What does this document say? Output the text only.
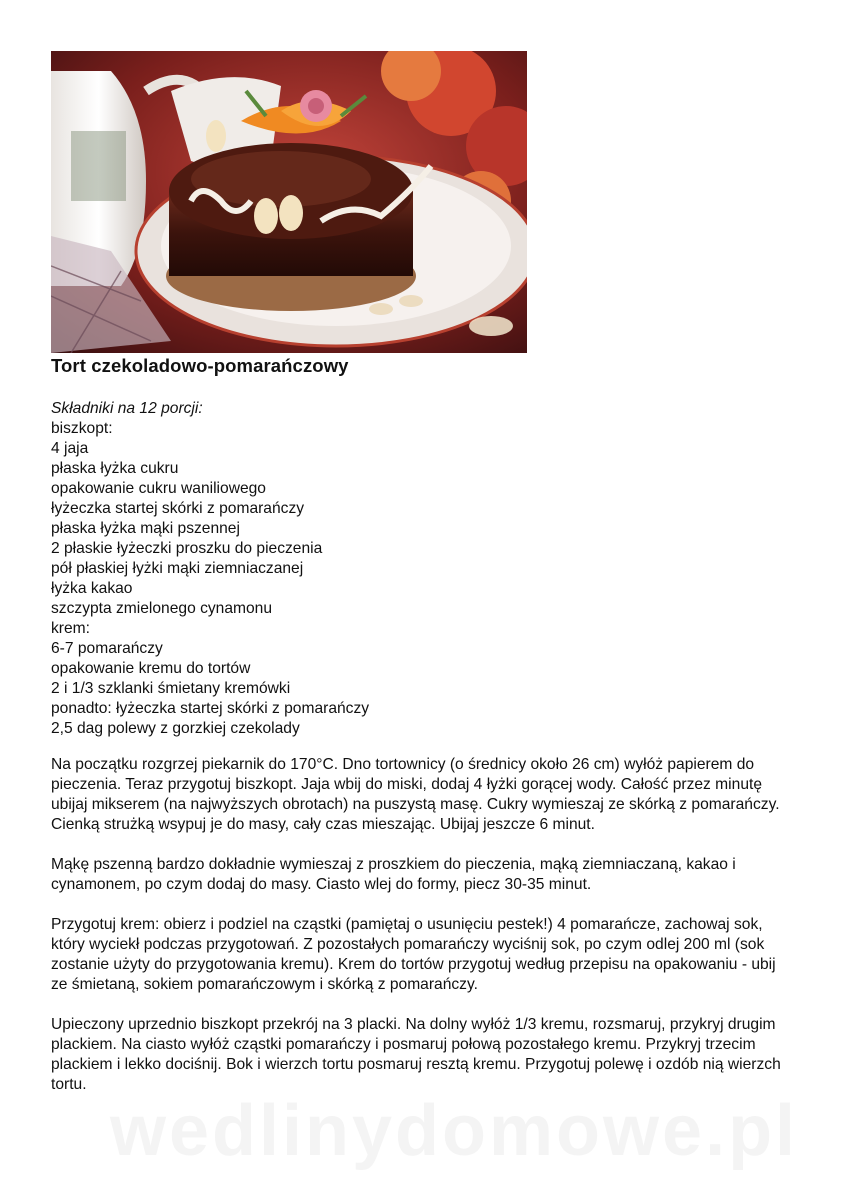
Tort czekoladowo-pomarańczowy
Składniki na 12 porcji:
biszkopt:
4 jaja
płaska łyżka cukru
opakowanie cukru waniliowego
łyżeczka startej skórki z pomarańczy
płaska łyżka mąki pszennej
2 płaskie łyżeczki proszku do pieczenia
pół płaskiej łyżki mąki ziemniaczanej
łyżka kakao
szczypta zmielonego cynamonu
krem:
6-7 pomarańczy
opakowanie kremu do tortów
2 i 1/3 szklanki śmietany kremówki
ponadto: łyżeczka startej skórki z pomarańczy
2,5 dag polewy z gorzkiej czekolady

Na początku rozgrzej piekarnik do 170°C. Dno tortownicy (o średnicy około 26 cm) wyłóż papierem do pieczenia. Teraz przygotuj biszkopt. Jaja wbij do miski, dodaj 4 łyżki gorącej wody. Całość przez minutę ubijaj mikserem (na najwyższych obrotach) na puszystą masę. Cukry wymieszaj ze skórką z pomarańczy. Cienką strużką wsypuj je do masy, cały czas mieszając. Ubijaj jeszcze 6 minut.

Mąkę pszenną bardzo dokładnie wymieszaj z proszkiem do pieczenia, mąką ziemniaczaną, kakao i cynamonem, po czym dodaj do masy. Ciasto wlej do formy, piecz 30-35 minut.

Przygotuj krem: obierz i podziel na cząstki (pamiętaj o usunięciu pestek!) 4 pomarańcze, zachowaj sok, który wyciekł podczas przygotowań. Z pozostałych pomarańczy wyciśnij sok, po czym odlej 200 ml (sok zostanie użyty do przygotowania kremu). Krem do tortów przygotuj według przepisu na opakowaniu - ubij ze śmietaną, sokiem pomarańczowym i skórką z pomarańczy.

Upieczony uprzednio biszkopt przekrój na 3 placki. Na dolny wyłóż 1/3 kremu, rozsmaruj, przykryj drugim plackiem. Na ciasto wyłóż cząstki pomarańczy i posmaruj połową pozostałego kremu. Przykryj trzecim plackiem i lekko dociśnij. Bok i wierzch tortu posmaruj resztą kremu. Przygotuj polewę i ozdób nią wierzch tortu.

wedlinydomowe.pl
